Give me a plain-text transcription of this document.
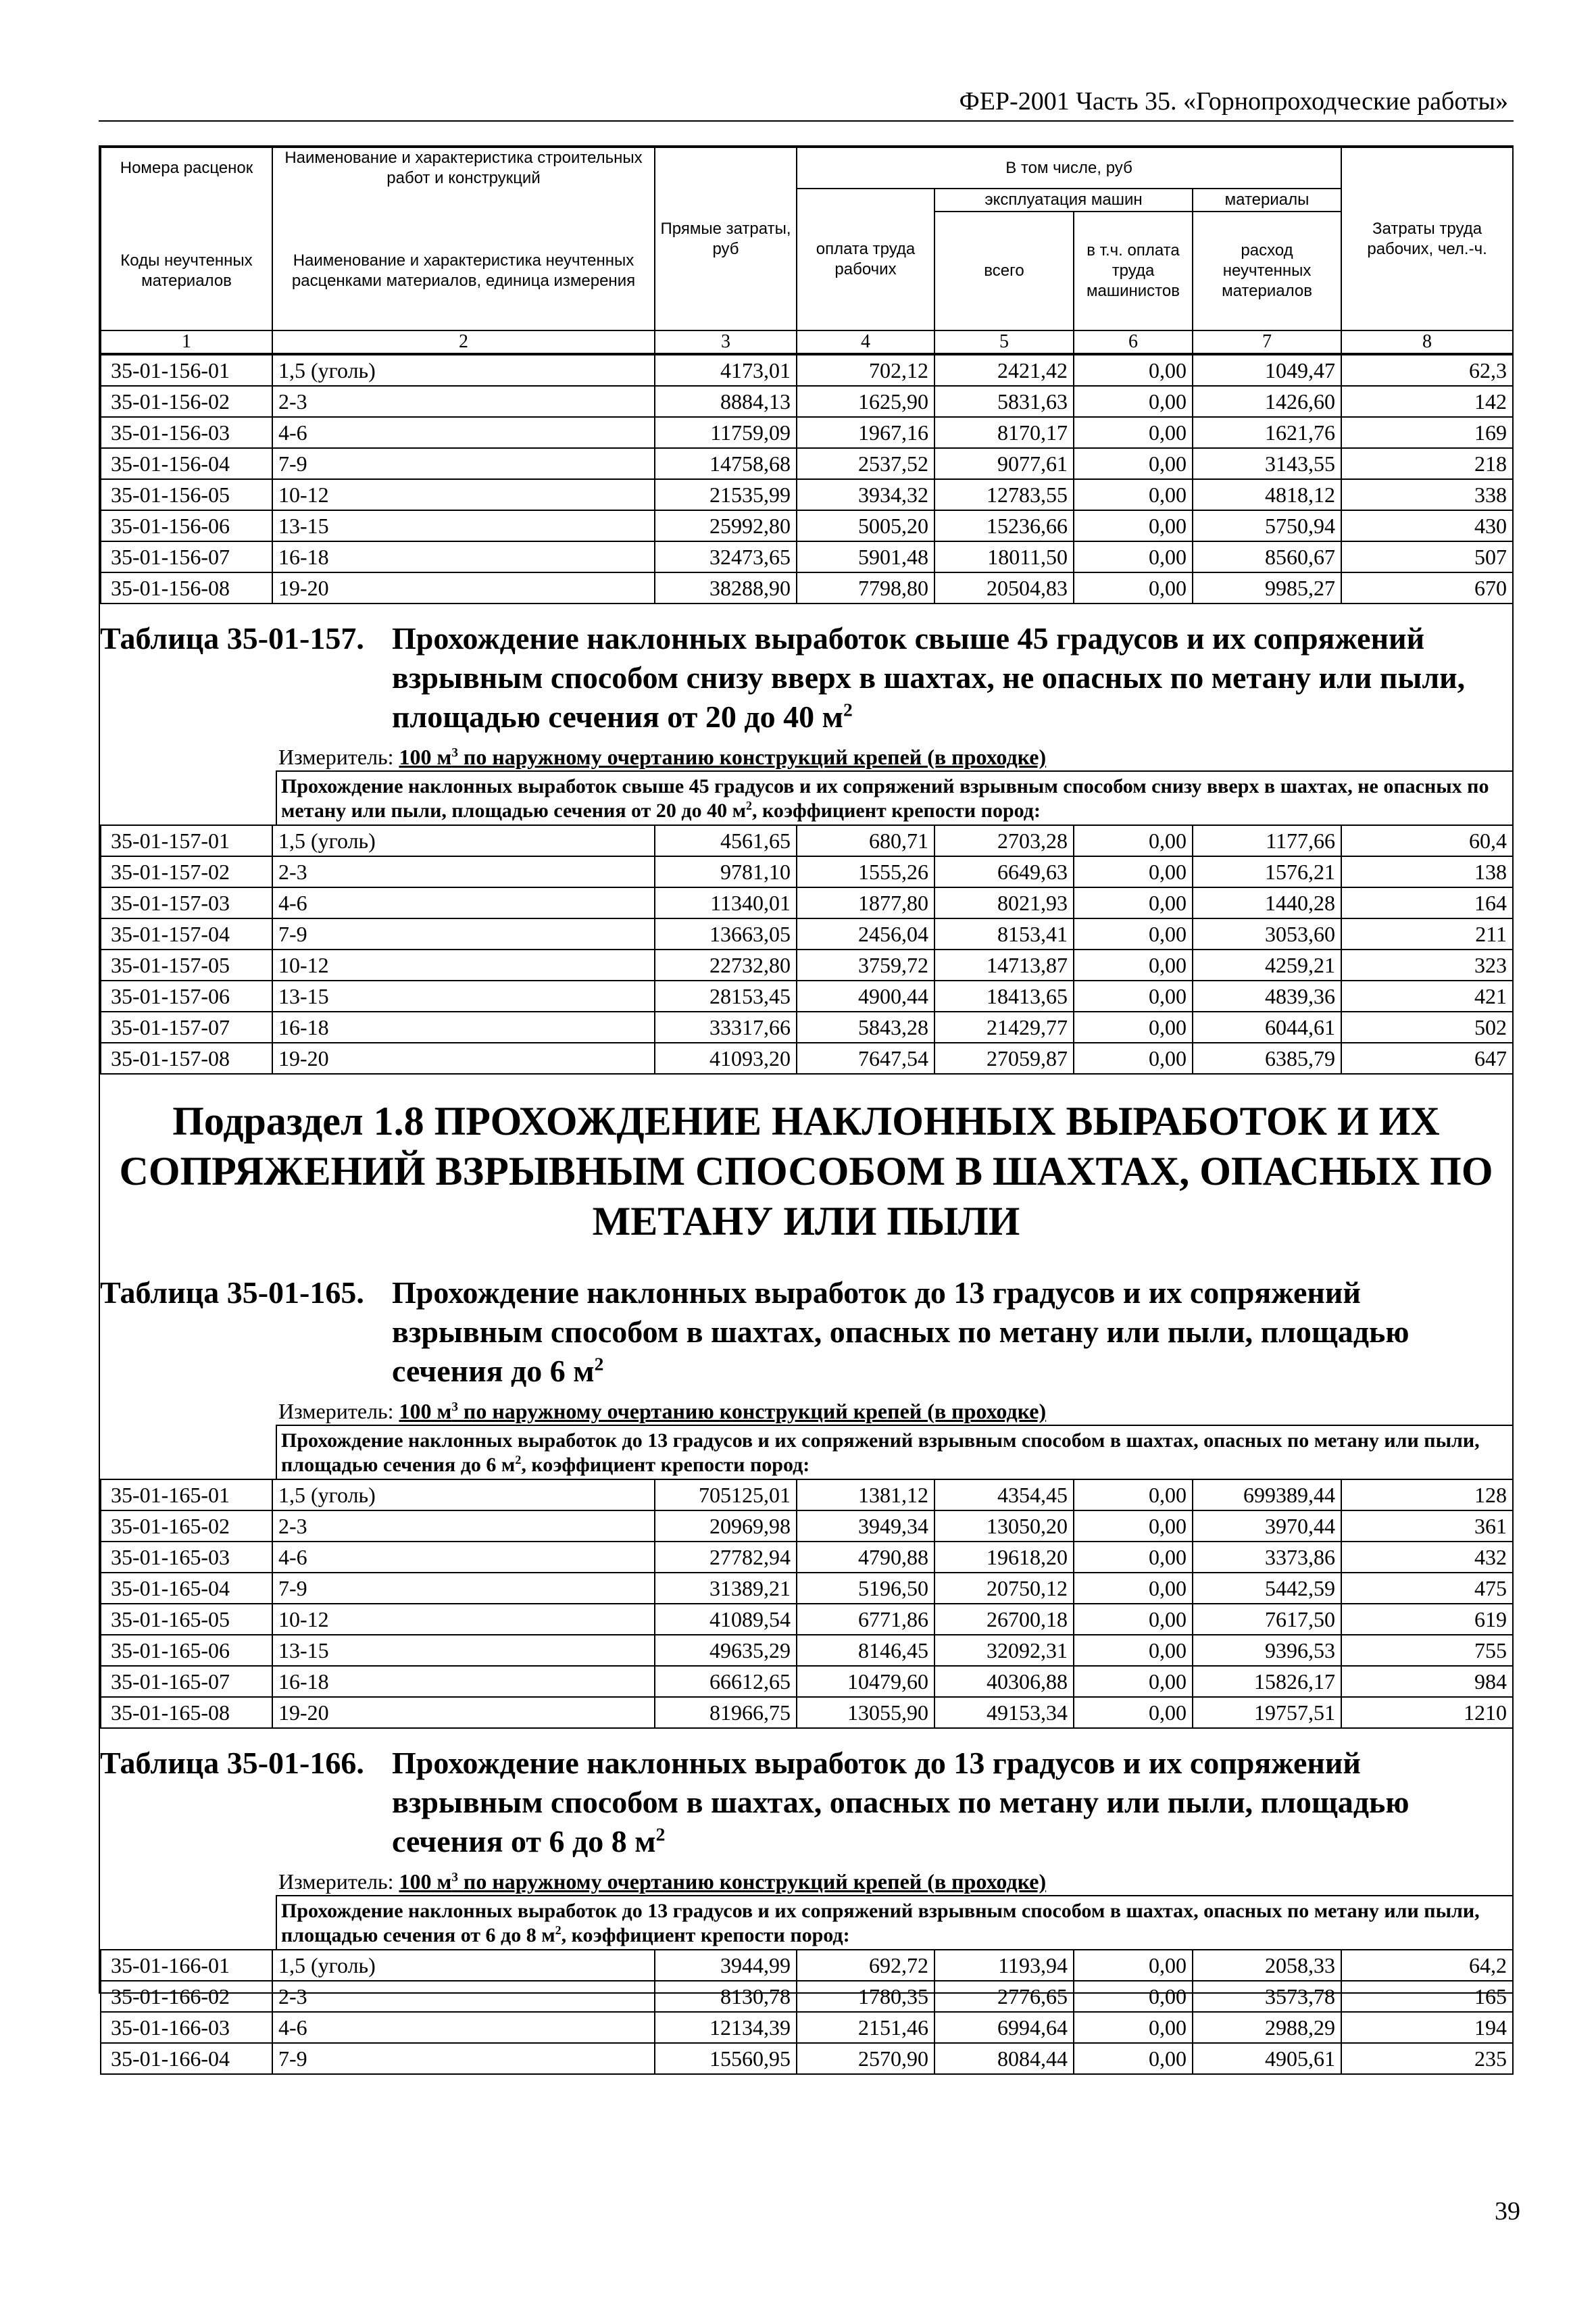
ФЕР-2001 Часть 35. «Горнопроходческие работы»
Номера расценок	Наименование и характеристика строительных работ и конструкций	Прямые затраты, руб	В том числе, руб				Затраты труда рабочих, чел.-ч.
			оплата труда рабочих	эксплуатация машин		материалы	
Коды неучтенных материалов	Наименование и характеристика неучтенных расценками материалов, единица измерения			всего	в т.ч. оплата труда машинистов	расход неучтенных материалов	
1	2	3	4	5	6	7	8
35-01-156-01	1,5 (уголь)	4173,01	702,12	2421,42	0,00	1049,47	62,3
35-01-156-02	2-3	8884,13	1625,90	5831,63	0,00	1426,60	142
35-01-156-03	4-6	11759,09	1967,16	8170,17	0,00	1621,76	169
35-01-156-04	7-9	14758,68	2537,52	9077,61	0,00	3143,55	218
35-01-156-05	10-12	21535,99	3934,32	12783,55	0,00	4818,12	338
35-01-156-06	13-15	25992,80	5005,20	15236,66	0,00	5750,94	430
35-01-156-07	16-18	32473,65	5901,48	18011,50	0,00	8560,67	507
35-01-156-08	19-20	38288,90	7798,80	20504,83	0,00	9985,27	670
Таблица 35-01-157. Прохождение наклонных выработок свыше 45 градусов и их сопряжений взрывным способом снизу вверх в шахтах, не опасных по метану или пыли, площадью сечения от 20 до 40 $м^2$
Измеритель: 100 $м^3$ по наружному очертанию конструкций крепей (в проходке)
Прохождение наклонных выработок свыше 45 градусов и их сопряжений взрывным способом снизу вверх в шахтах, не опасных по метану или пыли, площадью сечения от 20 до 40 $м^2$, коэффициент крепости пород:
35-01-157-01	1,5 (уголь)	4561,65	680,71	2703,28	0,00	1177,66	60,4
35-01-157-02	2-3	9781,10	1555,26	6649,63	0,00	1576,21	138
35-01-157-03	4-6	11340,01	1877,80	8021,93	0,00	1440,28	164
35-01-157-04	7-9	13663,05	2456,04	8153,41	0,00	3053,60	211
35-01-157-05	10-12	22732,80	3759,72	14713,87	0,00	4259,21	323
35-01-157-06	13-15	28153,45	4900,44	18413,65	0,00	4839,36	421
35-01-157-07	16-18	33317,66	5843,28	21429,77	0,00	6044,61	502
35-01-157-08	19-20	41093,20	7647,54	27059,87	0,00	6385,79	647
Подраздел 1.8 ПРОХОЖДЕНИЕ НАКЛОННЫХ ВЫРАБОТОК И ИХ СОПРЯЖЕНИЙ ВЗРЫВНЫМ СПОСОБОМ В ШАХТАХ, ОПАСНЫХ ПО МЕТАНУ ИЛИ ПЫЛИ
Таблица 35-01-165. Прохождение наклонных выработок до 13 градусов и их сопряжений взрывным способом в шахтах, опасных по метану или пыли, площадью сечения до 6 $м^2$
Измеритель: 100 $м^3$ по наружному очертанию конструкций крепей (в проходке)
Прохождение наклонных выработок до 13 градусов и их сопряжений взрывным способом в шахтах, опасных по метану или пыли, площадью сечения до 6 $м^2$, коэффициент крепости пород:
35-01-165-01	1,5 (уголь)	705125,01	1381,12	4354,45	0,00	699389,44	128
35-01-165-02	2-3	20969,98	3949,34	13050,20	0,00	3970,44	361
35-01-165-03	4-6	27782,94	4790,88	19618,20	0,00	3373,86	432
35-01-165-04	7-9	31389,21	5196,50	20750,12	0,00	5442,59	475
35-01-165-05	10-12	41089,54	6771,86	26700,18	0,00	7617,50	619
35-01-165-06	13-15	49635,29	8146,45	32092,31	0,00	9396,53	755
35-01-165-07	16-18	66612,65	10479,60	40306,88	0,00	15826,17	984
35-01-165-08	19-20	81966,75	13055,90	49153,34	0,00	19757,51	1210
Таблица 35-01-166. Прохождение наклонных выработок до 13 градусов и их сопряжений взрывным способом в шахтах, опасных по метану или пыли, площадью сечения от 6 до 8 $м^2$
Измеритель: 100 $м^3$ по наружному очертанию конструкций крепей (в проходке)
Прохождение наклонных выработок до 13 градусов и их сопряжений взрывным способом в шахтах, опасных по метану или пыли, площадью сечения от 6 до 8 $м^2$, коэффициент крепости пород:
35-01-166-01	1,5 (уголь)	3944,99	692,72	1193,94	0,00	2058,33	64,2
35-01-166-02	2-3	8130,78	1780,35	2776,65	0,00	3573,78	165
35-01-166-03	4-6	12134,39	2151,46	6994,64	0,00	2988,29	194
35-01-166-04	7-9	15560,95	2570,90	8084,44	0,00	4905,61	235
39
